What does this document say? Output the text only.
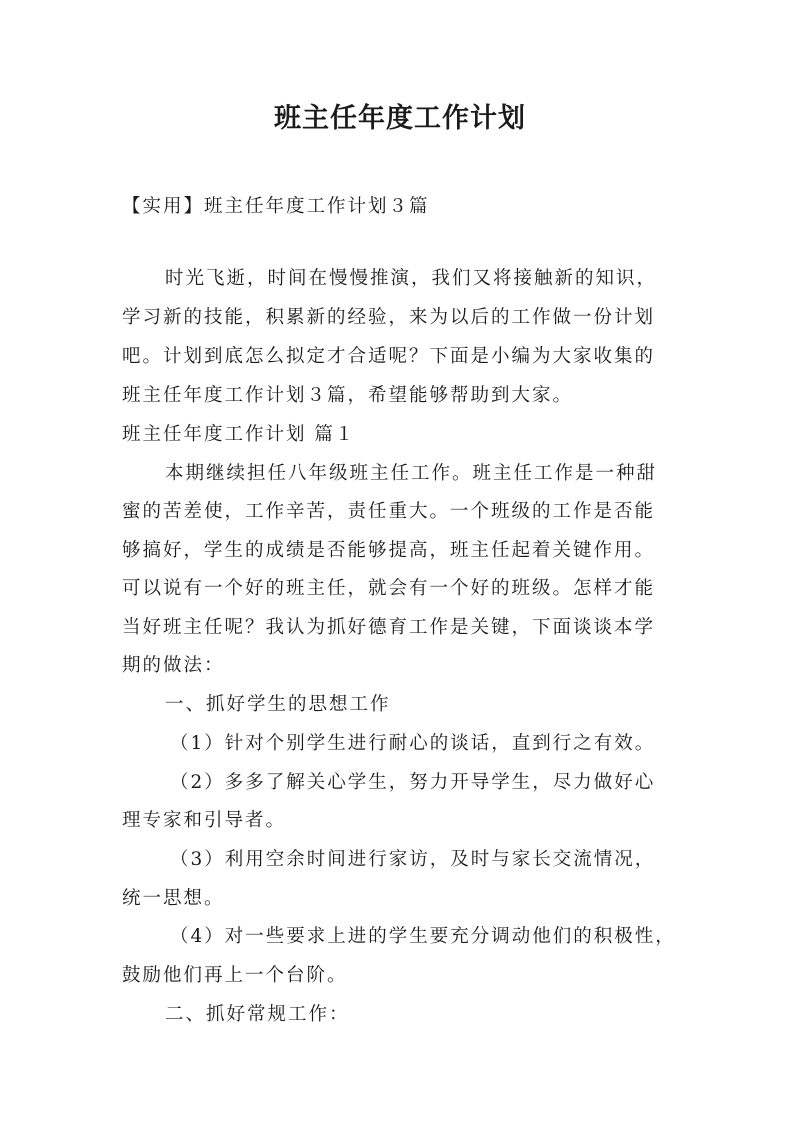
班主任年度工作计划
【实用】班主任年度工作计划３篇
时光飞逝，时间在慢慢推演，我们又将接触新的知识，
学习新的技能，积累新的经验，来为以后的工作做一份计划
吧。计划到底怎么拟定才合适呢？下面是小编为大家收集的
班主任年度工作计划３篇，希望能够帮助到大家。
班主任年度工作计划 篇１
本期继续担任八年级班主任工作。班主任工作是一种甜
蜜的苦差使，工作辛苦，责任重大。一个班级的工作是否能
够搞好，学生的成绩是否能够提高，班主任起着关键作用。
可以说有一个好的班主任，就会有一个好的班级。怎样才能
当好班主任呢？我认为抓好德育工作是关键，下面谈谈本学
期的做法：
一、抓好学生的思想工作
（1）针对个别学生进行耐心的谈话，直到行之有效。
（2）多多了解关心学生，努力开导学生，尽力做好心
理专家和引导者。
（3）利用空余时间进行家访，及时与家长交流情况，
统一思想。
（4）对一些要求上进的学生要充分调动他们的积极性，
鼓励他们再上一个台阶。
二、抓好常规工作：
